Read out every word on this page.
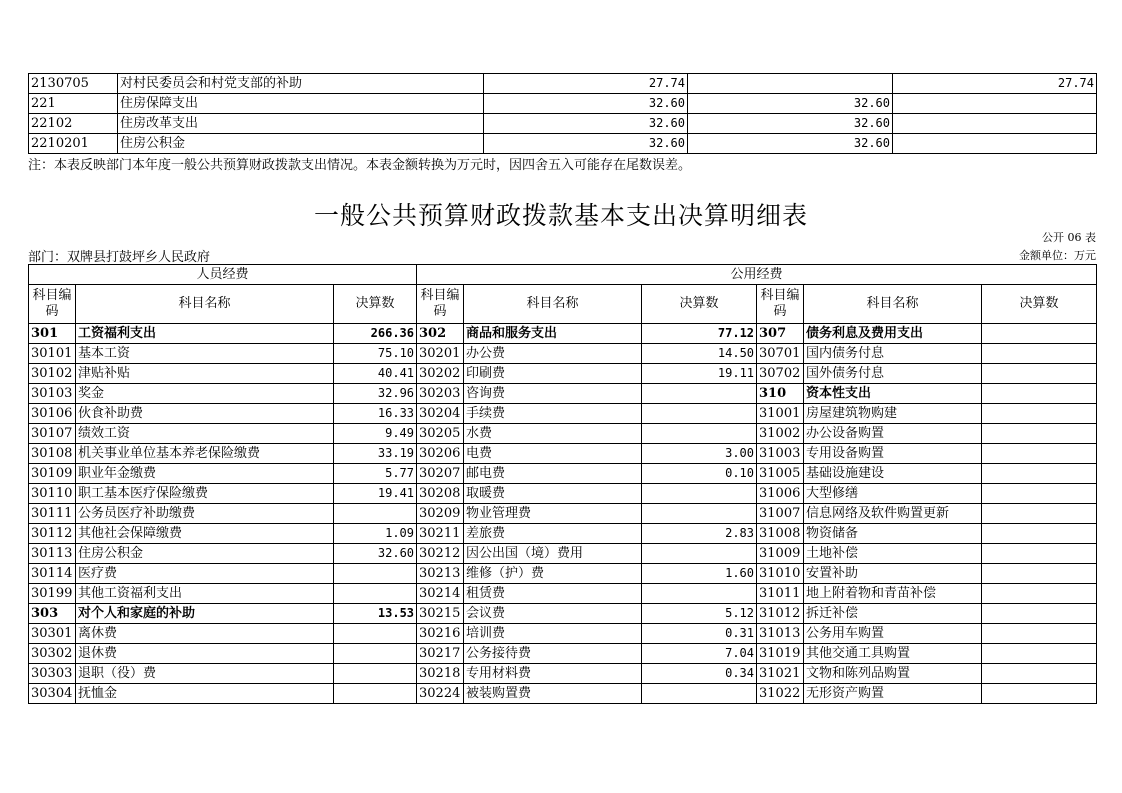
2130705	对村民委员会和村党支部的补助	27.74		27.74
221	住房保障支出	32.60	32.60	
22102	住房改革支出	32.60	32.60	
2210201	住房公积金	32.60	32.60	
注：本表反映部门本年度一般公共预算财政拨款支出情况。本表金额转换为万元时，因四舍五入可能存在尾数误差。
一般公共预算财政拨款基本支出决算明细表
公开 06 表
部门：双牌县打鼓坪乡人民政府	金额单位：万元
人员经费			公用经费					
科目编码	科目名称	决算数	科目编码	科目名称	决算数	科目编码	科目名称	决算数
301	工资福利支出	266.36	302	商品和服务支出	77.12	307	债务利息及费用支出	
30101	基本工资	75.10	30201	办公费	14.50	30701	国内债务付息	
30102	津贴补贴	40.41	30202	印刷费	19.11	30702	国外债务付息	
30103	奖金	32.96	30203	咨询费		310	资本性支出	
30106	伙食补助费	16.33	30204	手续费		31001	房屋建筑物购建	
30107	绩效工资	9.49	30205	水费		31002	办公设备购置	
30108	机关事业单位基本养老保险缴费	33.19	30206	电费	3.00	31003	专用设备购置	
30109	职业年金缴费	5.77	30207	邮电费	0.10	31005	基础设施建设	
30110	职工基本医疗保险缴费	19.41	30208	取暖费		31006	大型修缮	
30111	公务员医疗补助缴费		30209	物业管理费		31007	信息网络及软件购置更新	
30112	其他社会保障缴费	1.09	30211	差旅费	2.83	31008	物资储备	
30113	住房公积金	32.60	30212	因公出国（境）费用		31009	土地补偿	
30114	医疗费		30213	维修（护）费	1.60	31010	安置补助	
30199	其他工资福利支出		30214	租赁费		31011	地上附着物和青苗补偿	
303	对个人和家庭的补助	13.53	30215	会议费	5.12	31012	拆迁补偿	
30301	离休费		30216	培训费	0.31	31013	公务用车购置	
30302	退休费		30217	公务接待费	7.04	31019	其他交通工具购置	
30303	退职（役）费		30218	专用材料费	0.34	31021	文物和陈列品购置	
30304	抚恤金		30224	被装购置费		31022	无形资产购置	
